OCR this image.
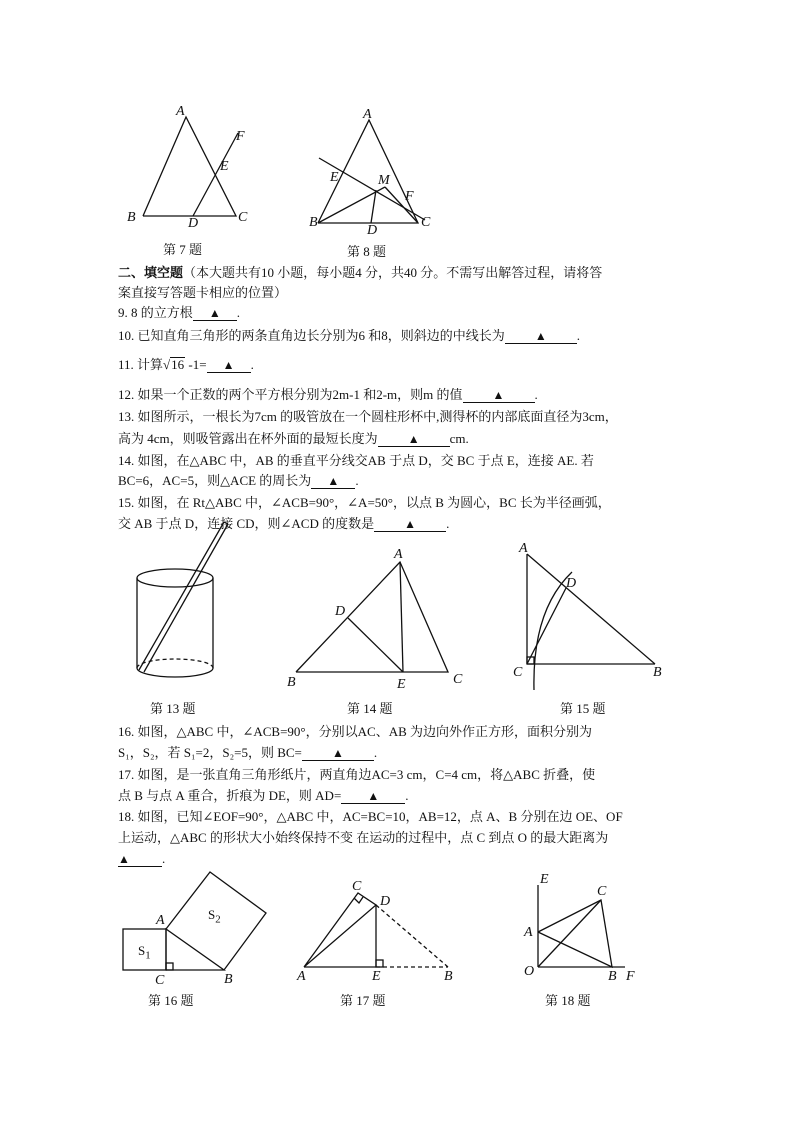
A
B	C
D
E
F
第 7 题
A
B	C
D
E
F
M
第 8 题
二、填空题（本大题共有10 小题，每小题4 分，共40 分。不需写出解答过程，请将答
案直接写答题卡相应的位置）
9. 8 的立方根 ▲ .
10. 已知直角三角形的两条直角边长分别为6 和8，则斜边的中线长为	▲ .
11. 计算√16 -1= ▲ .
12. 如果一个正数的两个平方根分别为2m-1 和2-m，则m 的值	▲ .
13. 如图所示，一根长为7cm 的吸管放在一个圆柱形杯中,测得杯的内部底面直径为3cm，
高为 4cm，则吸管露出在杯外面的最短长度为	▲ cm.
14. 如图，在△ABC 中，AB 的垂直平分线交AB 于点 D，交 BC 于点 E，连接 AE. 若
BC=6，AC=5，则△ACE 的周长为 ▲ .
15. 如图，在 Rt△ABC 中，∠ACB=90°，∠A=50°，以点 B 为圆心，BC 长为半径画弧，
交 AB 于点 D，连接 CD，则∠ACD 的度数是	▲ .
第 13 题
A
B	C
D
E
第 14 题
A
B
C
D
第 15 题
16. 如图，△ABC 中，∠ACB=90°，分别以AC、AB 为边向外作正方形，面积分别为
S₁，S₂，若 S₁=2，S₂=5，则 BC=	▲ .
17. 如图，是一张直角三角形纸片，两直角边AC=3 cm，C=4 cm，将△ABC 折叠，使
点 B 与点 A 重合，折痕为 DE，则 AD= ▲ .
18. 如图，已知∠EOF=90°，△ABC 中，AC=BC=10，AB=12，点 A、B 分别在边 OE、OF
上运动，△ABC 的形状大小始终保持不变 在运动的过程中，点 C 到点 O 的最大距离为
▲ .
A
B
C
$S_1$
$S_2$
第 16 题
C
D
A	E	B
第 17 题
E
C
A
O	B F
第 18 题
